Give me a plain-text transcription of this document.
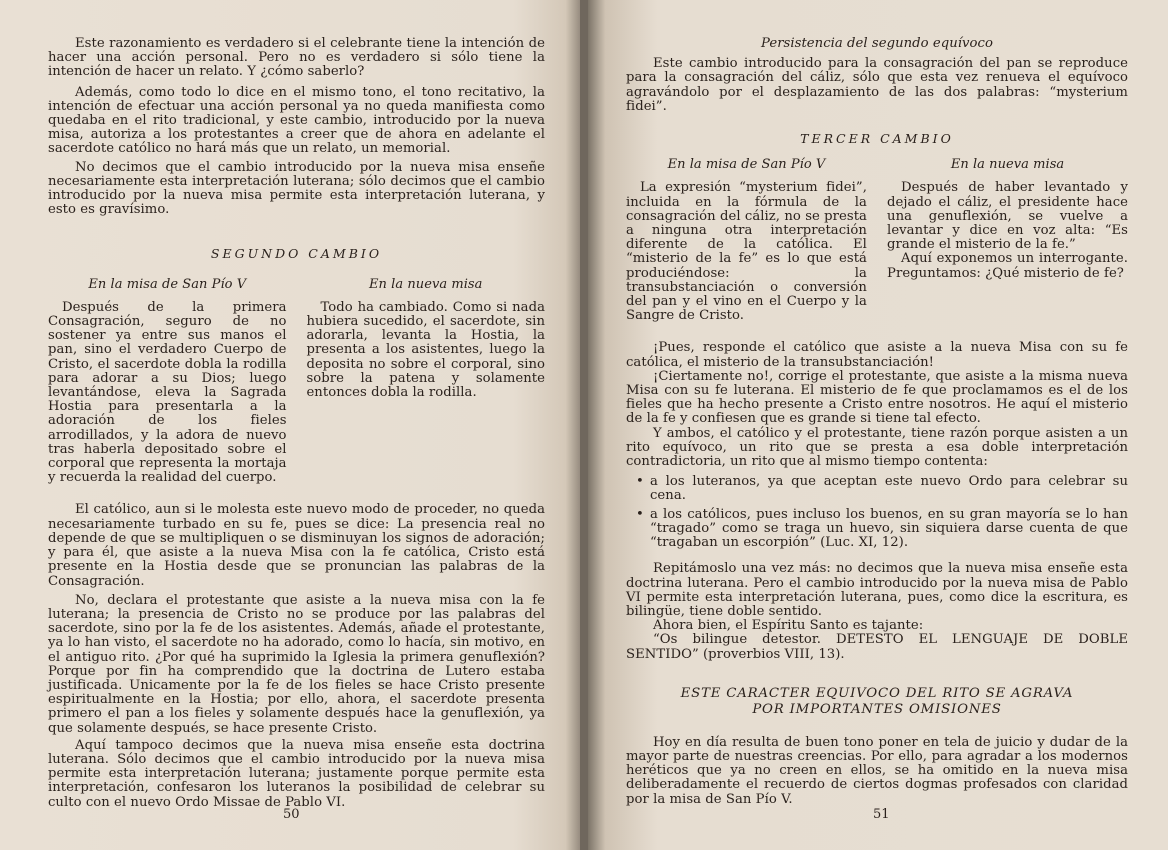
Este razonamiento es verdadero si el celebrante tiene la intención de hacer una acción personal. Pero no es verdadero si sólo tiene la intención de hacer un relato. Y ¿cómo saberlo?

Además, como todo lo dice en el mismo tono, el tono recitativo, la intención de efectuar una acción personal ya no queda manifiesta como quedaba en el rito tradicional, y este cambio, introducido por la nueva misa, autoriza a los protestantes a creer que de ahora en adelante el sacerdote católico no hará más que un relato, un memorial.

No decimos que el cambio introducido por la nueva misa enseñe necesariamente esta interpretación luterana; sólo decimos que el cambio introducido por la nueva misa permite esta interpretación luterana, y esto es gravísimo.

SEGUNDO CAMBIO
En la misa de San Pío V

Después de la primera Consagración, seguro de no sostener ya entre sus manos el pan, sino el verdadero Cuerpo de Cristo, el sacerdote dobla la rodilla para adorar a su Dios; luego levantándose, eleva la Sagrada Hostia para presentarla a la adoración de los fieles arrodillados, y la adora de nuevo tras haberla depositado sobre el corporal que representa la mortaja y recuerda la realidad del cuerpo.

En la nueva misa

Todo ha cambiado. Como si nada hubiera sucedido, el sacerdote, sin adorarla, levanta la Hostia, la presenta a los asistentes, luego la deposita no sobre el corporal, sino sobre la patena y solamente entonces dobla la rodilla.

El católico, aun si le molesta este nuevo modo de proceder, no queda necesariamente turbado en su fe, pues se dice: La presencia real no depende de que se multipliquen o se disminuyan los signos de adoración; y para él, que asiste a la nueva Misa con la fe católica, Cristo está presente en la Hostia desde que se pronuncian las palabras de la Consagración.

No, declara el protestante que asiste a la nueva misa con la fe luterana; la presencia de Cristo no se produce por las palabras del sacerdote, sino por la fe de los asistentes. Además, añade el protestante, ya lo han visto, el sacerdote no ha adorado, como lo hacía, sin motivo, en el antiguo rito. ¿Por qué ha suprimido la Iglesia la primera genuflexión? Porque por fin ha comprendido que la doctrina de Lutero estaba justificada. Unicamente por la fe de los fieles se hace Cristo presente espiritualmente en la Hostia; por ello, ahora, el sacerdote presenta primero el pan a los fieles y solamente después hace la genuflexión, ya que solamente después, se hace presente Cristo.

Aquí tampoco decimos que la nueva misa enseñe esta doctrina luterana. Sólo decimos que el cambio introducido por la nueva misa permite esta interpretación luterana; justamente porque permite esta interpretación, confesaron los luteranos la posibilidad de celebrar su culto con el nuevo Ordo Missae de Pablo VI.

50
Persistencia del segundo equívoco

Este cambio introducido para la consagración del pan se reproduce para la consagración del cáliz, sólo que esta vez renueva el equívoco agravándolo por el desplazamiento de las dos palabras: “mysterium fidei”.

TERCER CAMBIO
En la misa de San Pío V

La expresión “mysterium fidei”, incluida en la fórmula de la consagración del cáliz, no se presta a ninguna otra interpretación diferente de la católica. El “misterio de la fe” es lo que está produciéndose: la transubstanciación o conversión del pan y el vino en el Cuerpo y la Sangre de Cristo.

En la nueva misa

Después de haber levantado y dejado el cáliz, el presidente hace una genuflexión, se vuelve a levantar y dice en voz alta: “Es grande el misterio de la fe.”

Aquí exponemos un interrogante. Preguntamos: ¿Qué misterio de fe?

¡Pues, responde el católico que asiste a la nueva Misa con su fe católica, el misterio de la transubstanciación!

¡Ciertamente no!, corrige el protestante, que asiste a la misma nueva Misa con su fe luterana. El misterio de fe que proclamamos es el de los fieles que ha hecho presente a Cristo entre nosotros. He aquí el misterio de la fe y confiesen que es grande si tiene tal efecto.

Y ambos, el católico y el protestante, tiene razón porque asisten a un rito equívoco, un rito que se presta a esa doble interpretación contradictoria, un rito que al mismo tiempo contenta:

• a los luteranos, ya que aceptan este nuevo Ordo para celebrar su cena.

• a los católicos, pues incluso los buenos, en su gran mayoría se lo han “tragado” como se traga un huevo, sin siquiera darse cuenta de que “tragaban un escorpión” (Luc. XI, 12).

Repitámoslo una vez más: no decimos que la nueva misa enseñe esta doctrina luterana. Pero el cambio introducido por la nueva misa de Pablo VI permite esta interpretación luterana, pues, como dice la escritura, es bilingüe, tiene doble sentido.

Ahora bien, el Espíritu Santo es tajante:

“Os bilingue detestor. DETESTO EL LENGUAJE DE DOBLE SENTIDO” (proverbios VIII, 13).

ESTE CARACTER EQUIVOCO DEL RITO SE AGRAVA
POR IMPORTANTES OMISIONES

Hoy en día resulta de buen tono poner en tela de juicio y dudar de la mayor parte de nuestras creencias. Por ello, para agradar a los modernos heréticos que ya no creen en ellos, se ha omitido en la nueva misa deliberadamente el recuerdo de ciertos dogmas profesados con claridad por la misa de San Pío V.

51
